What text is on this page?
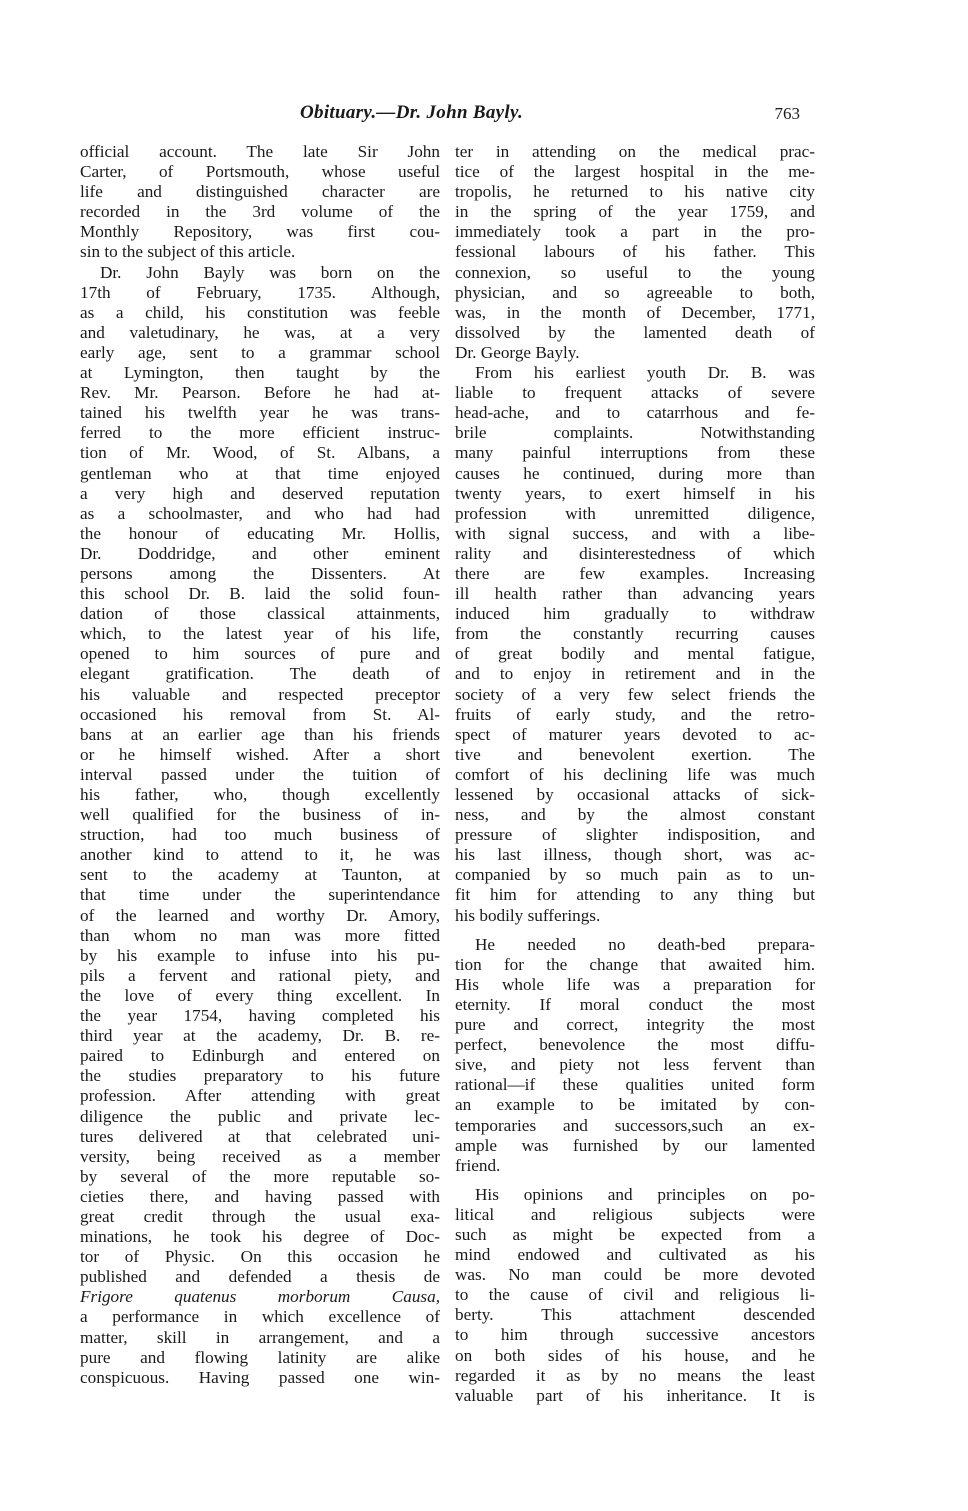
Obituary.—Dr. John Bayly.	763
official account. The late Sir John
Carter, of Portsmouth, whose useful
life and distinguished character are
recorded in the 3rd volume of the
Monthly Repository, was first cou-
sin to the subject of this article.
Dr. John Bayly was born on the
17th of February, 1735. Although,
as a child, his constitution was feeble
and valetudinary, he was, at a very
early age, sent to a grammar school
at Lymington, then taught by the
Rev. Mr. Pearson. Before he had at-
tained his twelfth year he was trans-
ferred to the more efficient instruc-
tion of Mr. Wood, of St. Albans, a
gentleman who at that time enjoyed
a very high and deserved reputation
as a schoolmaster, and who had had
the honour of educating Mr. Hollis,
Dr. Doddridge, and other eminent
persons among the Dissenters. At
this school Dr. B. laid the solid foun-
dation of those classical attainments,
which, to the latest year of his life,
opened to him sources of pure and
elegant gratification. The death of
his valuable and respected preceptor
occasioned his removal from St. Al-
bans at an earlier age than his friends
or he himself wished. After a short
interval passed under the tuition of
his father, who, though excellently
well qualified for the business of in-
struction, had too much business of
another kind to attend to it, he was
sent to the academy at Taunton, at
that time under the superintendance
of the learned and worthy Dr. Amory,
than whom no man was more fitted
by his example to infuse into his pu-
pils a fervent and rational piety, and
the love of every thing excellent. In
the year 1754, having completed his
third year at the academy, Dr. B. re-
paired to Edinburgh and entered on
the studies preparatory to his future
profession. After attending with great
diligence the public and private lec-
tures delivered at that celebrated uni-
versity, being received as a member
by several of the more reputable so-
cieties there, and having passed with
great credit through the usual exa-
minations, he took his degree of Doc-
tor of Physic. On this occasion he
published and defended a thesis de
Frigore quatenus morborum Causa,
a performance in which excellence of
matter, skill in arrangement, and a
pure and flowing latinity are alike
conspicuous. Having passed one win-
ter in attending on the medical prac-
tice of the largest hospital in the me-
tropolis, he returned to his native city
in the spring of the year 1759, and
immediately took a part in the pro-
fessional labours of his father. This
connexion, so useful to the young
physician, and so agreeable to both,
was, in the month of December, 1771,
dissolved by the lamented death of
Dr. George Bayly.
From his earliest youth Dr. B. was
liable to frequent attacks of severe
head-ache, and to catarrhous and fe-
brile complaints. Notwithstanding
many painful interruptions from these
causes he continued, during more than
twenty years, to exert himself in his
profession with unremitted diligence,
with signal success, and with a libe-
rality and disinterestedness of which
there are few examples. Increasing
ill health rather than advancing years
induced him gradually to withdraw
from the constantly recurring causes
of great bodily and mental fatigue,
and to enjoy in retirement and in the
society of a very few select friends the
fruits of early study, and the retro-
spect of maturer years devoted to ac-
tive and benevolent exertion. The
comfort of his declining life was much
lessened by occasional attacks of sick-
ness, and by the almost constant
pressure of slighter indisposition, and
his last illness, though short, was ac-
companied by so much pain as to un-
fit him for attending to any thing but
his bodily sufferings.
He needed no death-bed prepara-
tion for the change that awaited him.
His whole life was a preparation for
eternity. If moral conduct the most
pure and correct, integrity the most
perfect, benevolence the most diffu-
sive, and piety not less fervent than
rational—if these qualities united form
an example to be imitated by con-
temporaries and successors,such an ex-
ample was furnished by our lamented
friend.
His opinions and principles on po-
litical and religious subjects were
such as might be expected from a
mind endowed and cultivated as his
was. No man could be more devoted
to the cause of civil and religious li-
berty. This attachment descended
to him through successive ancestors
on both sides of his house, and he
regarded it as by no means the least
valuable part of his inheritance. It is
